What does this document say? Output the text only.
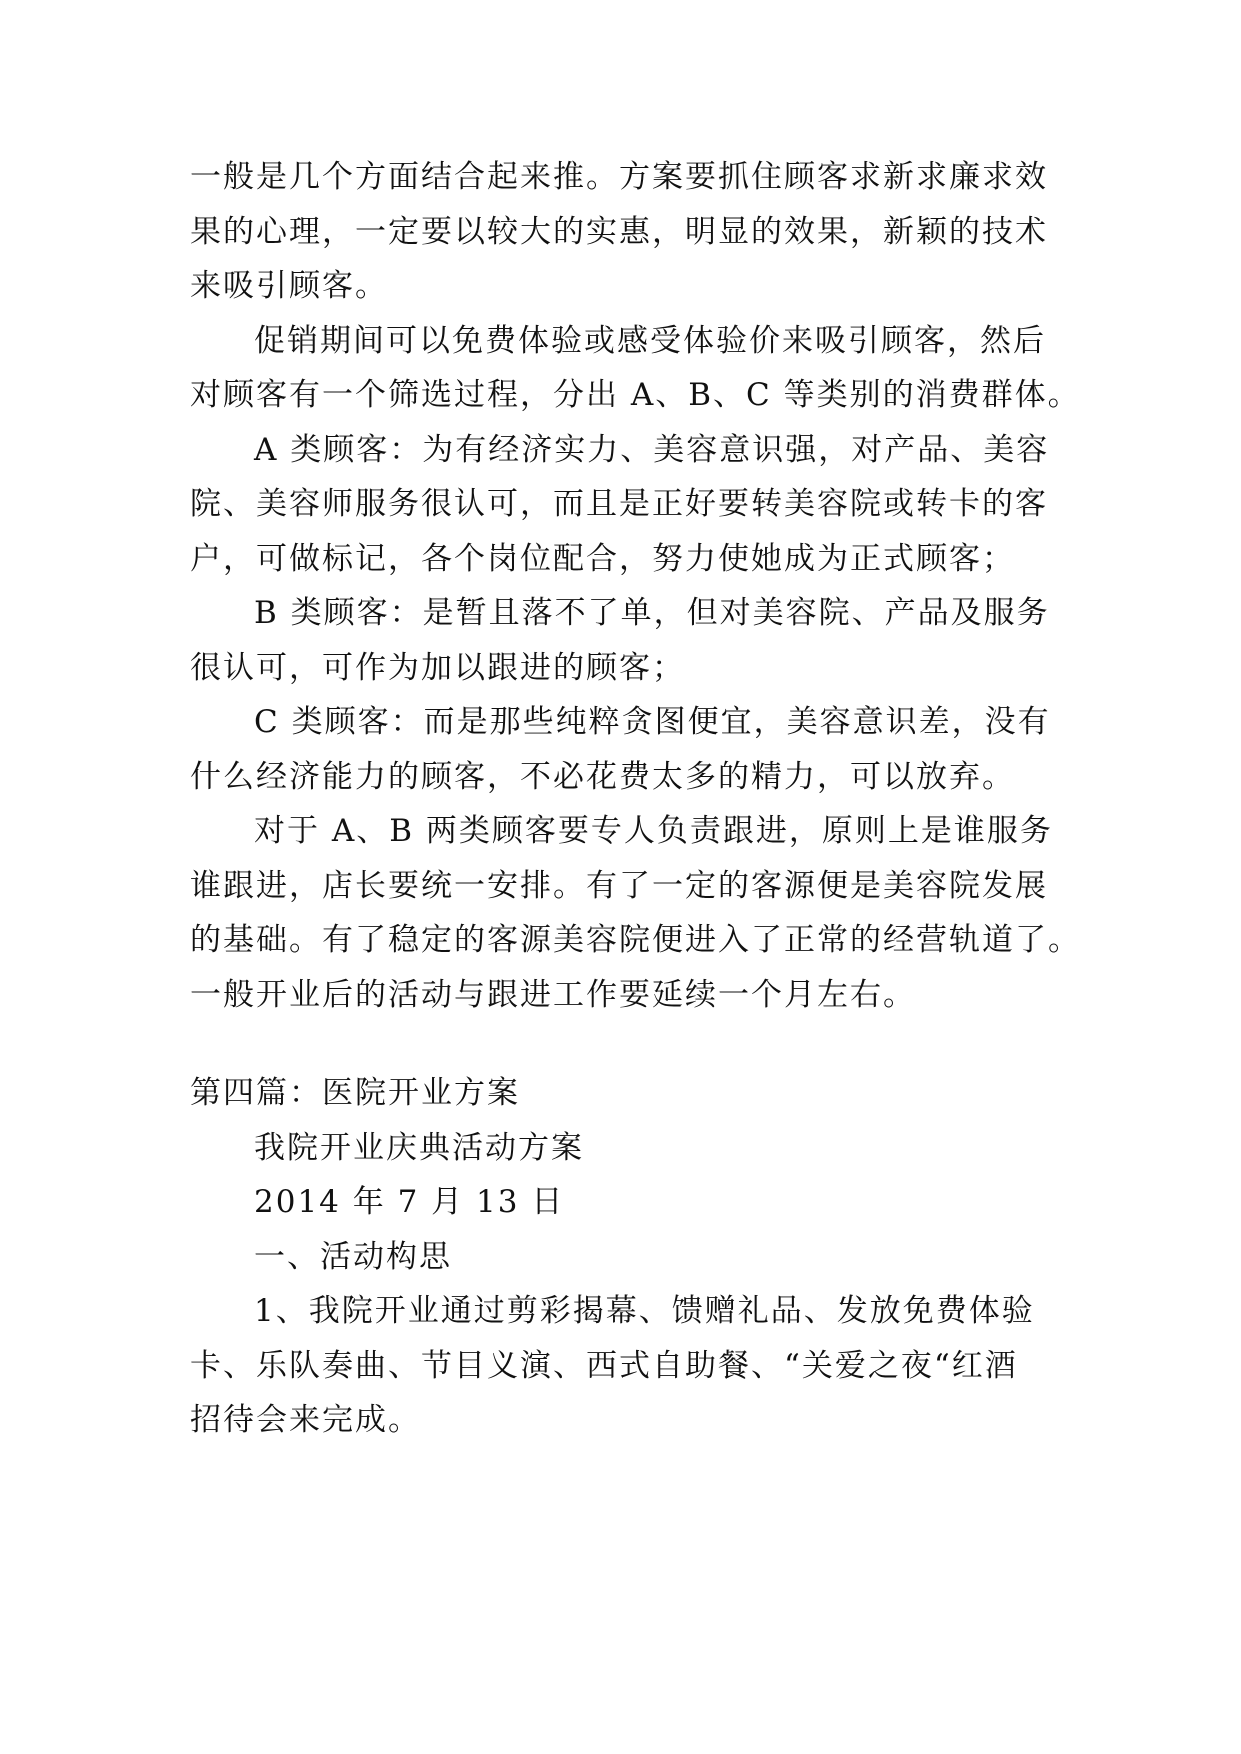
一般是几个方面结合起来推。方案要抓住顾客求新求廉求效
果的心理，一定要以较大的实惠，明显的效果，新颖的技术
来吸引顾客。
促销期间可以免费体验或感受体验价来吸引顾客，然后
对顾客有一个筛选过程，分出 A、B、C 等类别的消费群体。
A 类顾客：为有经济实力、美容意识强，对产品、美容
院、美容师服务很认可，而且是正好要转美容院或转卡的客
户，可做标记，各个岗位配合，努力使她成为正式顾客；
B 类顾客：是暂且落不了单，但对美容院、产品及服务
很认可，可作为加以跟进的顾客；
C 类顾客：而是那些纯粹贪图便宜，美容意识差，没有
什么经济能力的顾客，不必花费太多的精力，可以放弃。
对于 A、B 两类顾客要专人负责跟进，原则上是谁服务
谁跟进，店长要统一安排。有了一定的客源便是美容院发展
的基础。有了稳定的客源美容院便进入了正常的经营轨道了。
一般开业后的活动与跟进工作要延续一个月左右。
第四篇：医院开业方案
我院开业庆典活动方案
2014 年 7 月 13 日
一、活动构思
1、我院开业通过剪彩揭幕、馈赠礼品、发放免费体验
卡、乐队奏曲、节目义演、西式自助餐、“关爱之夜“红酒
招待会来完成。
